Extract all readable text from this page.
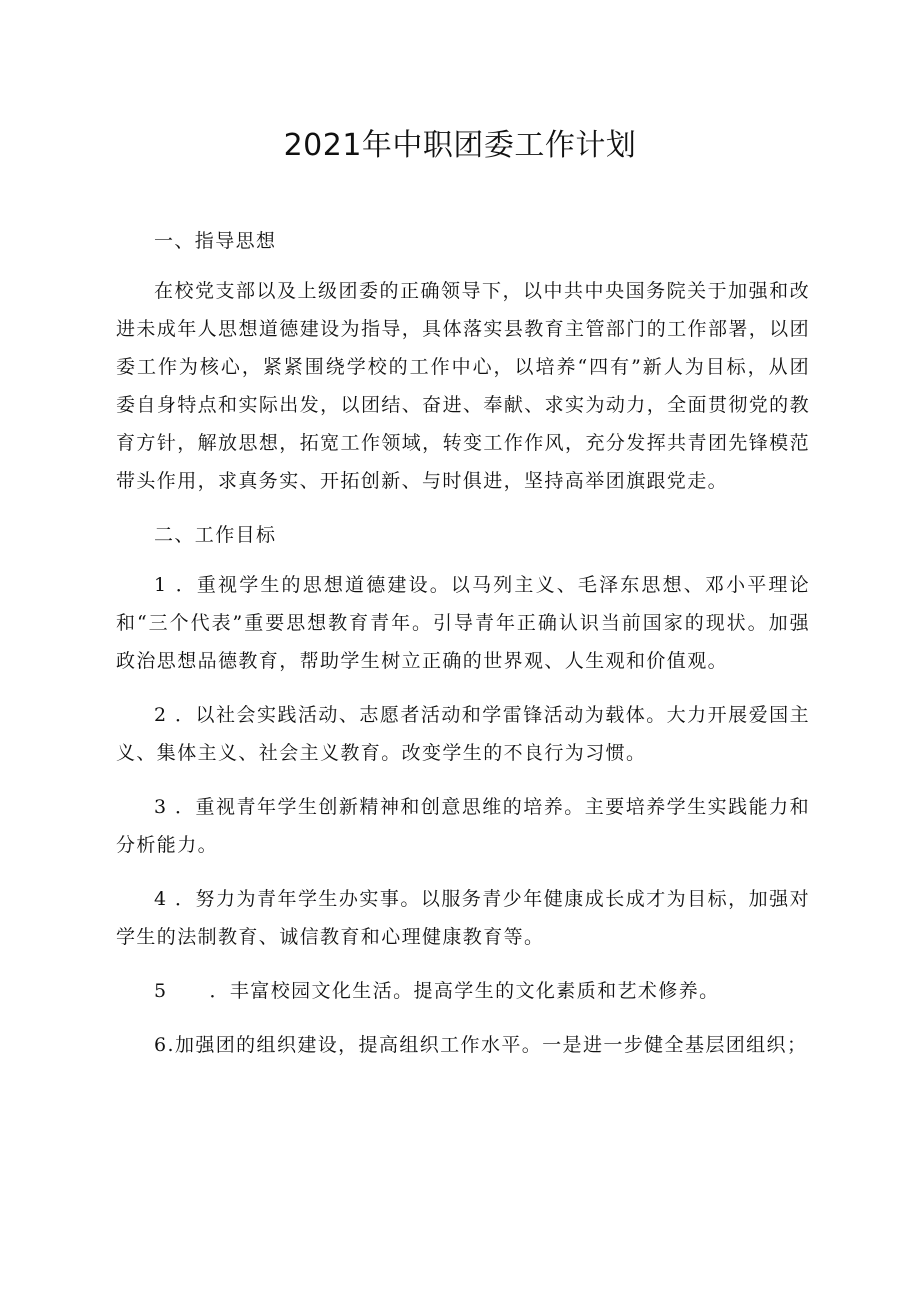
2021年中职团委工作计划

一、指导思想

在校党支部以及上级团委的正确领导下，以中共中央国务院关于加强和改进未成年人思想道德建设为指导，具体落实县教育主管部门的工作部署，以团委工作为核心，紧紧围绕学校的工作中心，以培养“四有”新人为目标，从团委自身特点和实际出发，以团结、奋进、奉献、求实为动力，全面贯彻党的教育方针，解放思想，拓宽工作领域，转变工作作风，充分发挥共青团先锋模范带头作用，求真务实、开拓创新、与时俱进，坚持高举团旗跟党走。

二、工作目标

1 ．重视学生的思想道德建设。以马列主义、毛泽东思想、邓小平理论和“三个代表”重要思想教育青年。引导青年正确认识当前国家的现状。加强政治思想品德教育，帮助学生树立正确的世界观、人生观和价值观。

2 ．以社会实践活动、志愿者活动和学雷锋活动为载体。大力开展爱国主义、集体主义、社会主义教育。改变学生的不良行为习惯。

3 ．重视青年学生创新精神和创意思维的培养。主要培养学生实践能力和分析能力。

4 ．努力为青年学生办实事。以服务青少年健康成长成才为目标，加强对学生的法制教育、诚信教育和心理健康教育等。

5 ．丰富校园文化生活。提高学生的文化素质和艺术修养。

6.加强团的组织建设，提高组织工作水平。一是进一步健全基层团组织；
